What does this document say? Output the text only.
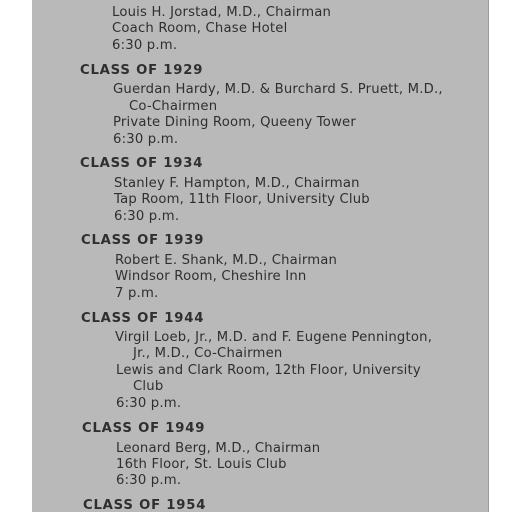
Louis H. Jorstad, M.D., Chairman
Coach Room, Chase Hotel
6:30 p.m.
CLASS OF 1929
Guerdan Hardy, M.D. & Burchard S. Pruett, M.D.,
Co-Chairmen
Private Dining Room, Queeny Tower
6:30 p.m.
CLASS OF 1934
Stanley F. Hampton, M.D., Chairman
Tap Room, 11th Floor, University Club
6:30 p.m.
CLASS OF 1939
Robert E. Shank, M.D., Chairman
Windsor Room, Cheshire Inn
7 p.m.
CLASS OF 1944
Virgil Loeb, Jr., M.D. and F. Eugene Pennington,
Jr., M.D., Co-Chairmen
Lewis and Clark Room, 12th Floor, University
Club
6:30 p.m.
CLASS OF 1949
Leonard Berg, M.D., Chairman
16th Floor, St. Louis Club
6:30 p.m.
CLASS OF 1954
